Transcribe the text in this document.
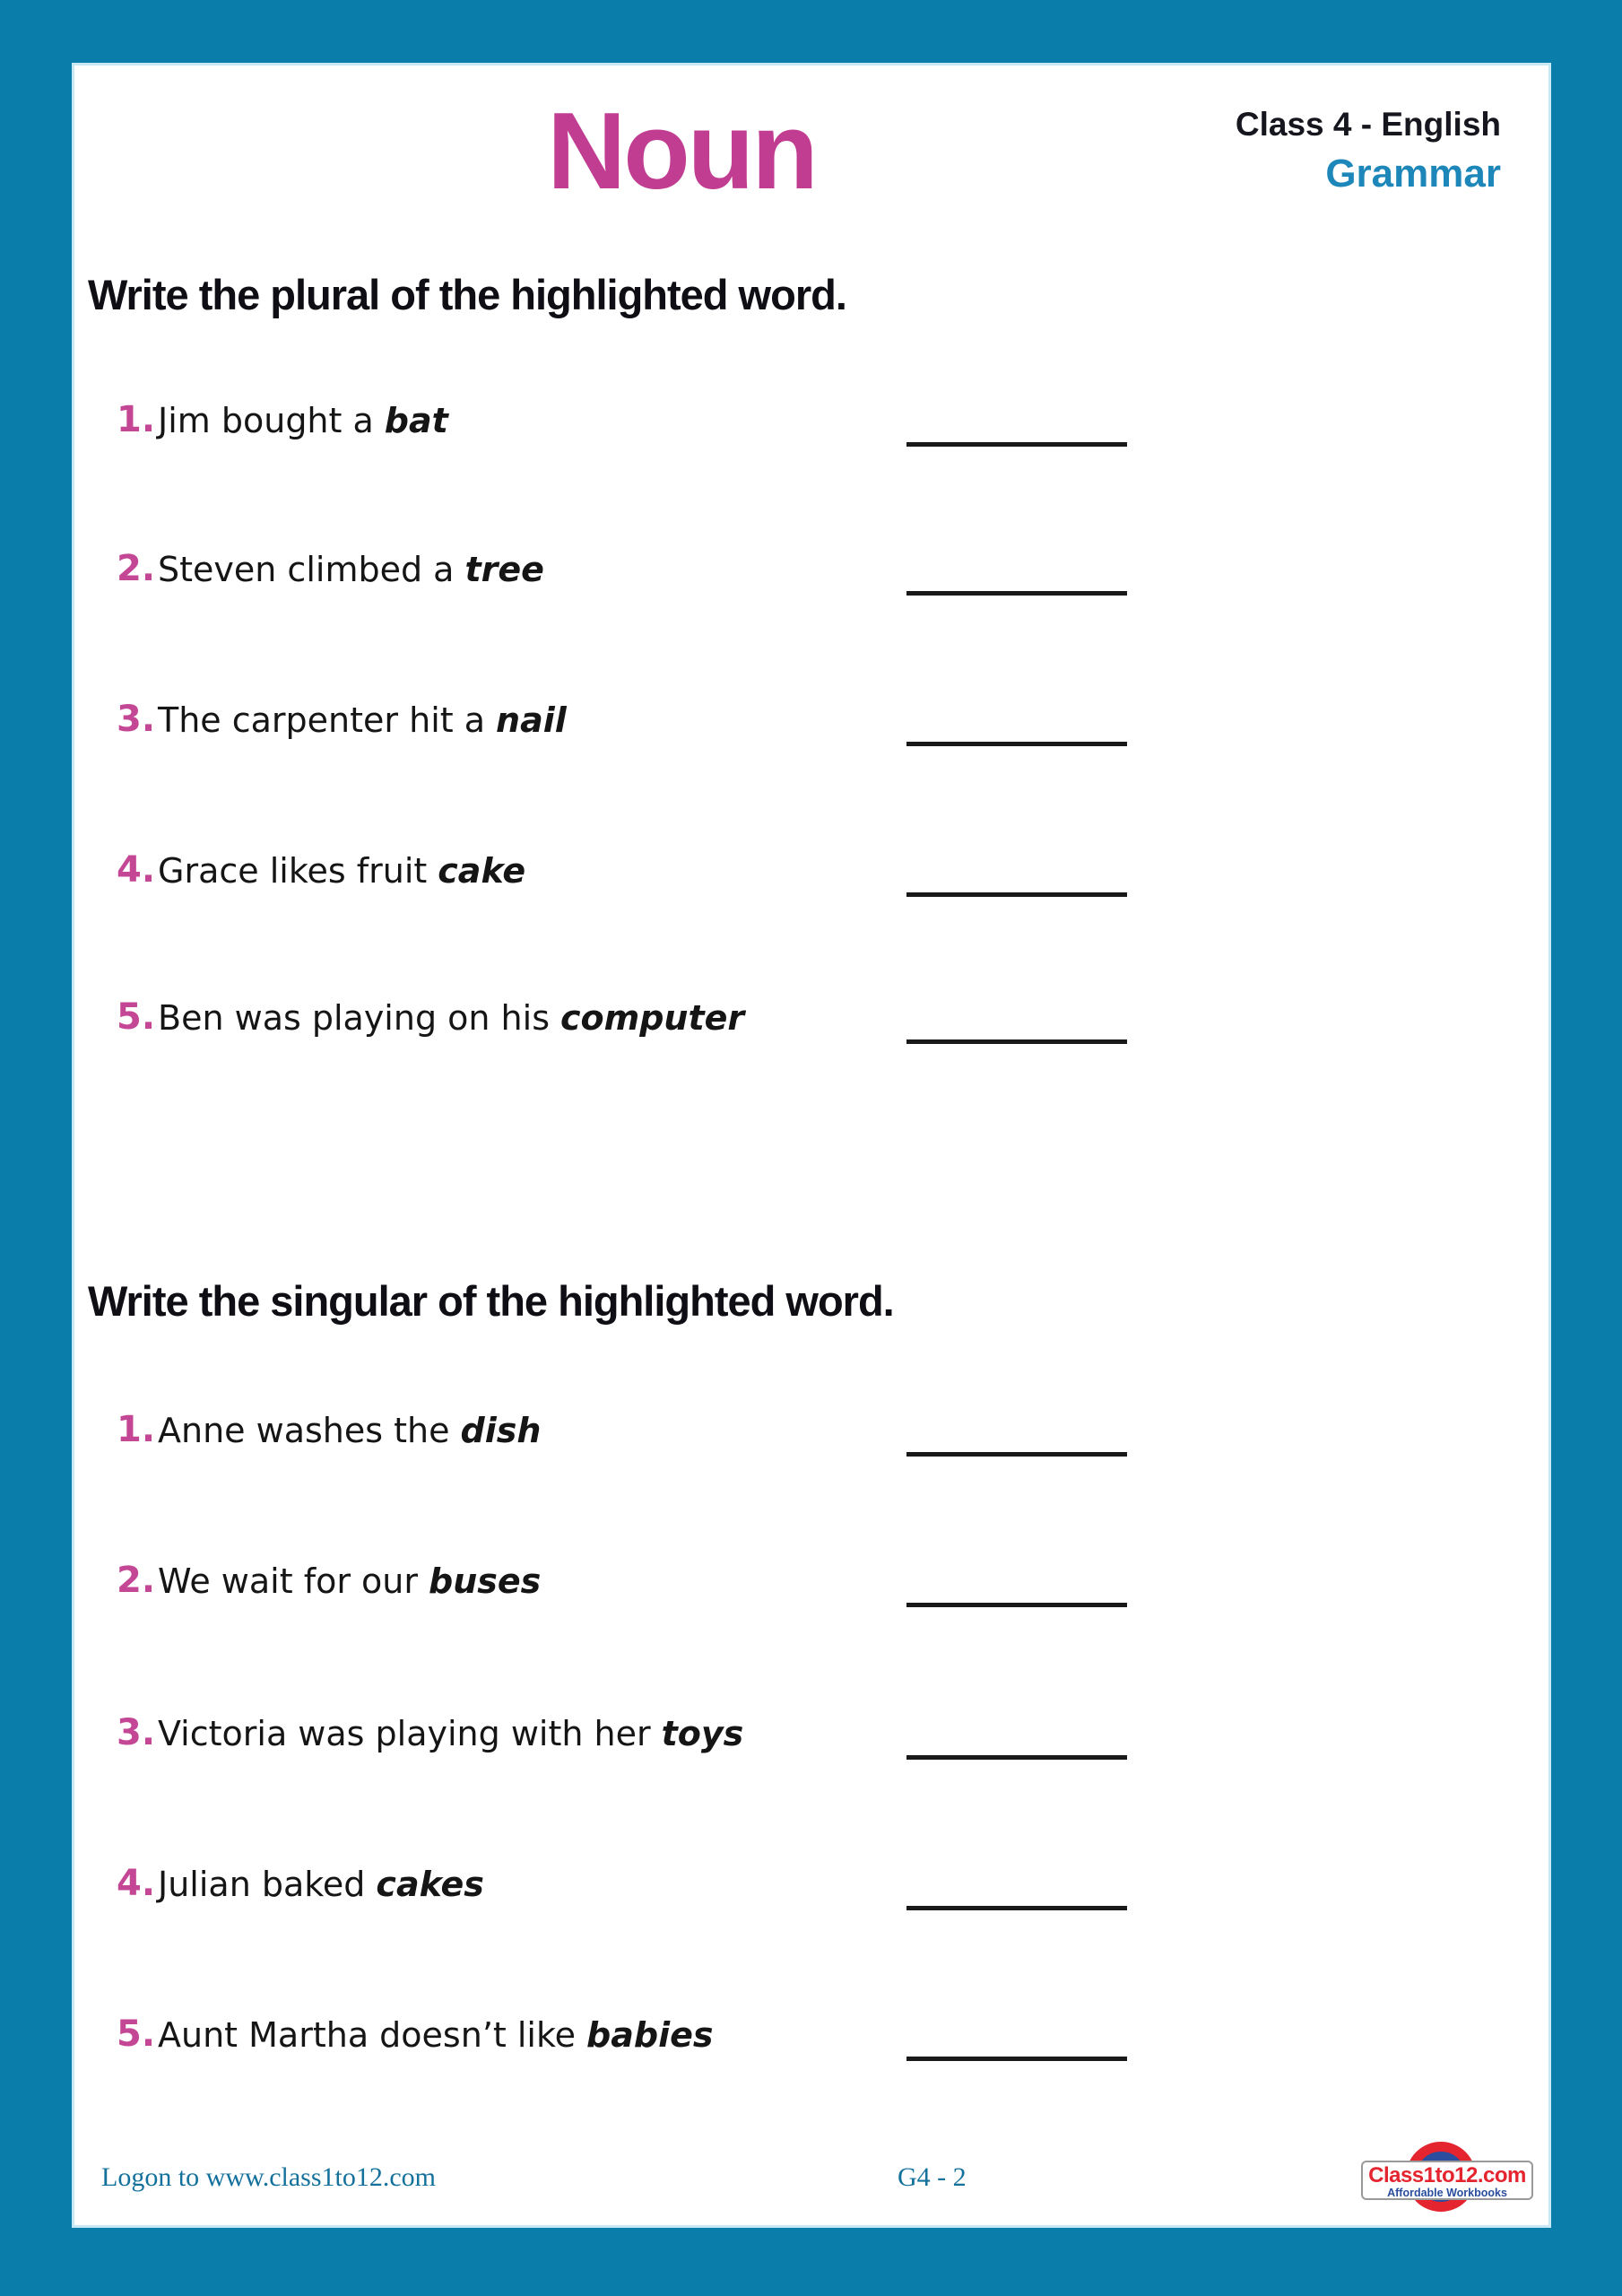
Noun	Class 4 - English
Grammar
Write the plural of the highlighted word.
1. Jim bought a bat
2. Steven climbed a tree
3. The carpenter hit a nail
4. Grace likes fruit cake
5. Ben was playing on his computer
Write the singular of the highlighted word.
1. Anne washes the dish
2. We wait for our buses
3. Victoria was playing with her toys
4. Julian baked cakes
5. Aunt Martha doesn’t like babies
Logon to www.class1to12.com	G4 - 2	Class1to12.com
Affordable Workbooks
